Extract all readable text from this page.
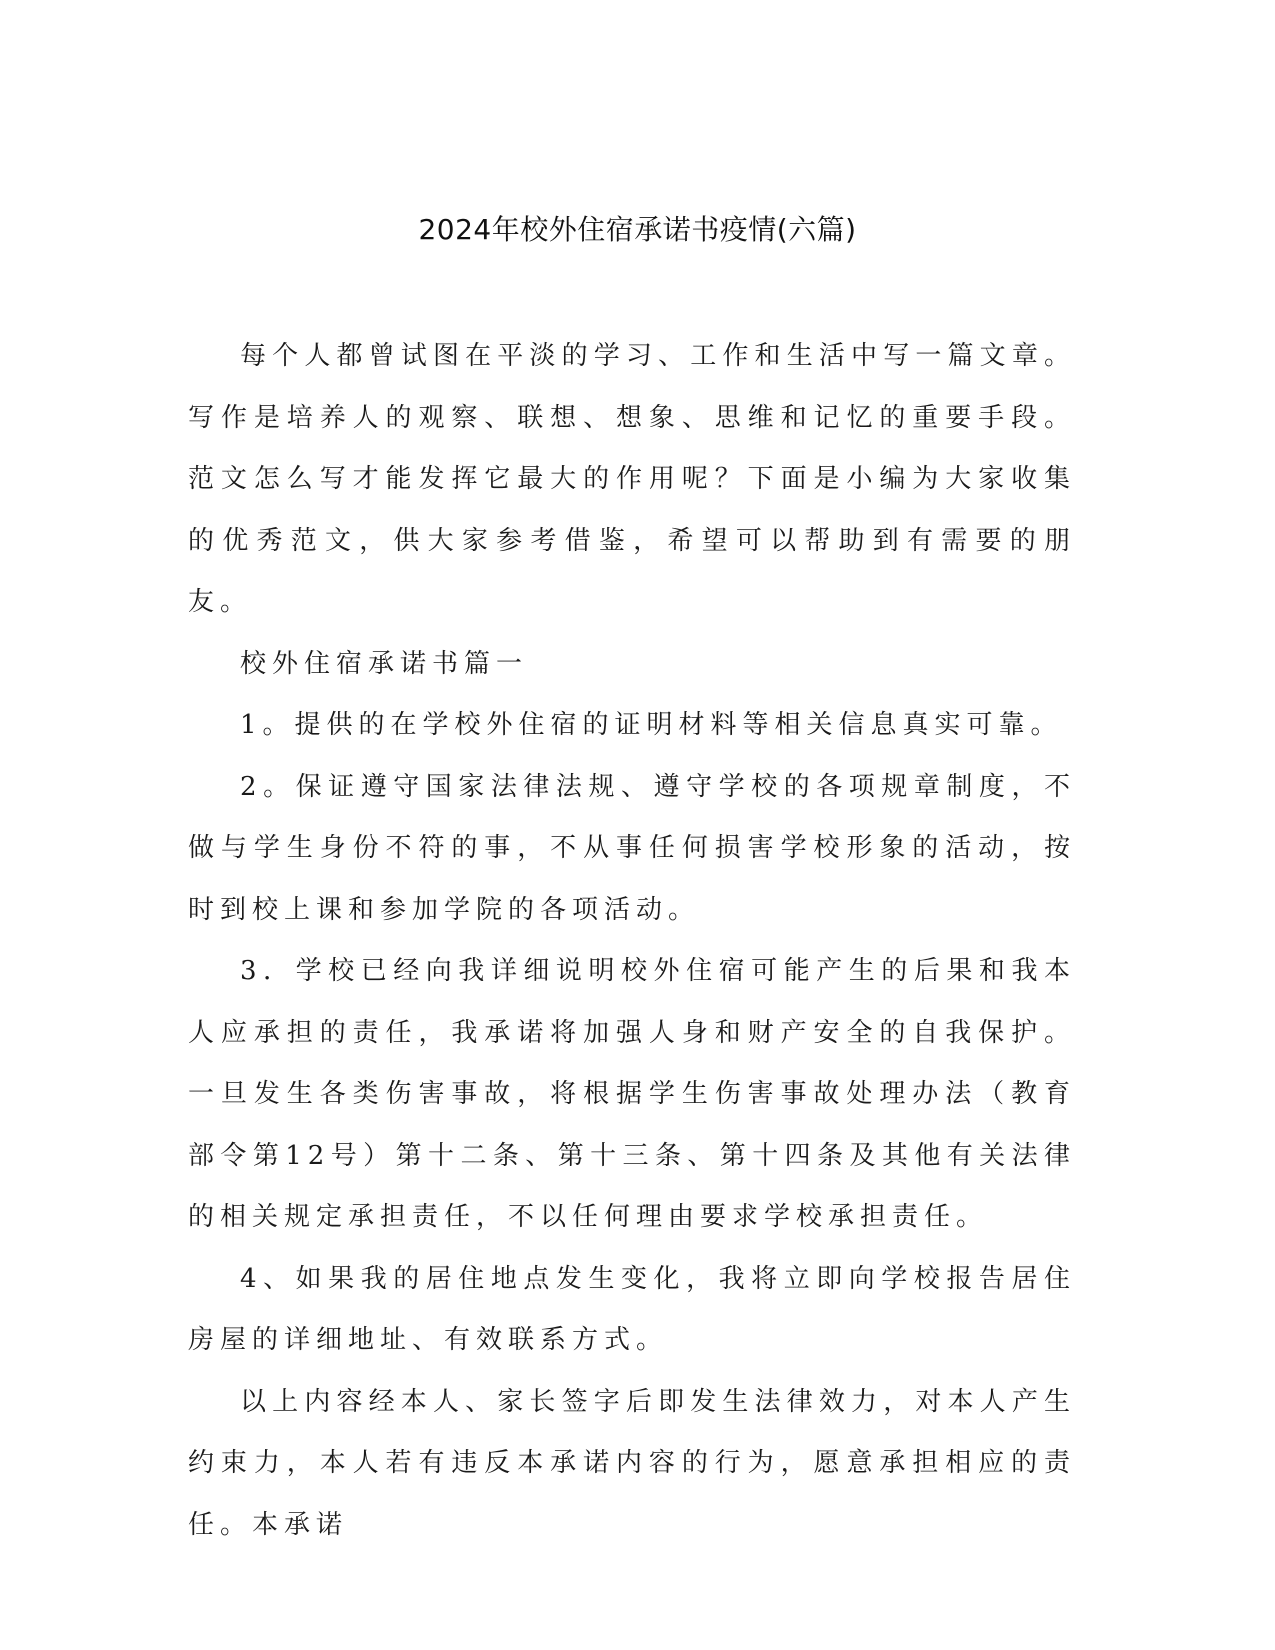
2024年校外住宿承诺书疫情(六篇)

每个人都曾试图在平淡的学习、工作和生活中写一篇文章。写作是培养人的观察、联想、想象、思维和记忆的重要手段。范文怎么写才能发挥它最大的作用呢？下面是小编为大家收集的优秀范文，供大家参考借鉴，希望可以帮助到有需要的朋友。

校外住宿承诺书篇一

1。提供的在学校外住宿的证明材料等相关信息真实可靠。

2。保证遵守国家法律法规、遵守学校的各项规章制度，不做与学生身份不符的事，不从事任何损害学校形象的活动，按时到校上课和参加学院的各项活动。

3．学校已经向我详细说明校外住宿可能产生的后果和我本人应承担的责任，我承诺将加强人身和财产安全的自我保护。一旦发生各类伤害事故，将根据学生伤害事故处理办法（教育部令第12号）第十二条、第十三条、第十四条及其他有关法律的相关规定承担责任，不以任何理由要求学校承担责任。

4、如果我的居住地点发生变化，我将立即向学校报告居住房屋的详细地址、有效联系方式。

以上内容经本人、家长签字后即发生法律效力，对本人产生约束力，本人若有违反本承诺内容的行为，愿意承担相应的责任。本承诺
